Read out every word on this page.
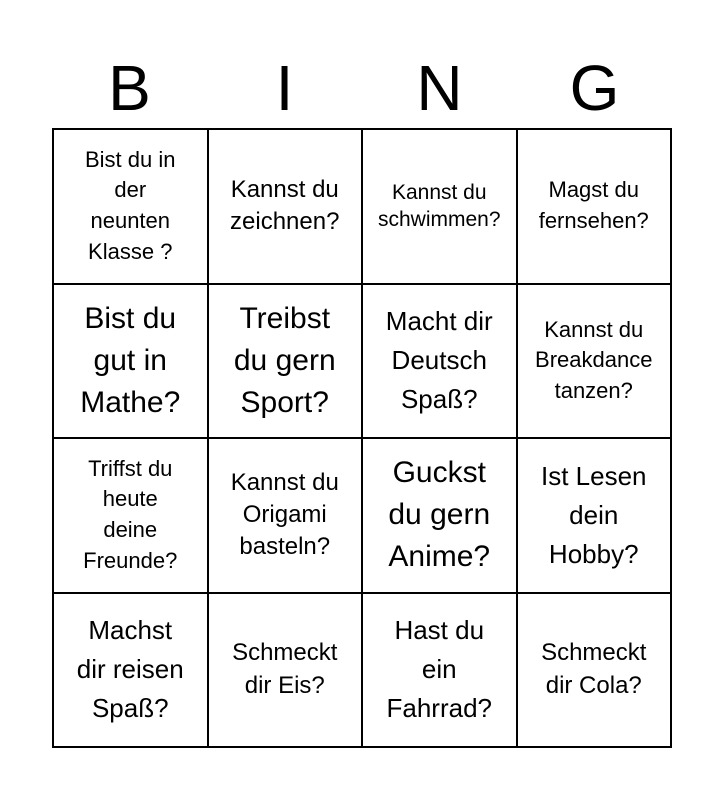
B	I	N	G
Bist du in
der
neunten
Klasse ?
Kannst du
zeichnen?
Kannst du
schwimmen?
Magst du
fernsehen?
Bist du
gut in
Mathe?
Treibst
du gern
Sport?
Macht dir
Deutsch
Spaß?
Kannst du
Breakdance
tanzen?
Triffst du
heute
deine
Freunde?
Kannst du
Origami
basteln?
Guckst
du gern
Anime?
Ist Lesen
dein
Hobby?
Machst
dir reisen
Spaß?
Schmeckt
dir Eis?
Hast du
ein
Fahrrad?
Schmeckt
dir Cola?
